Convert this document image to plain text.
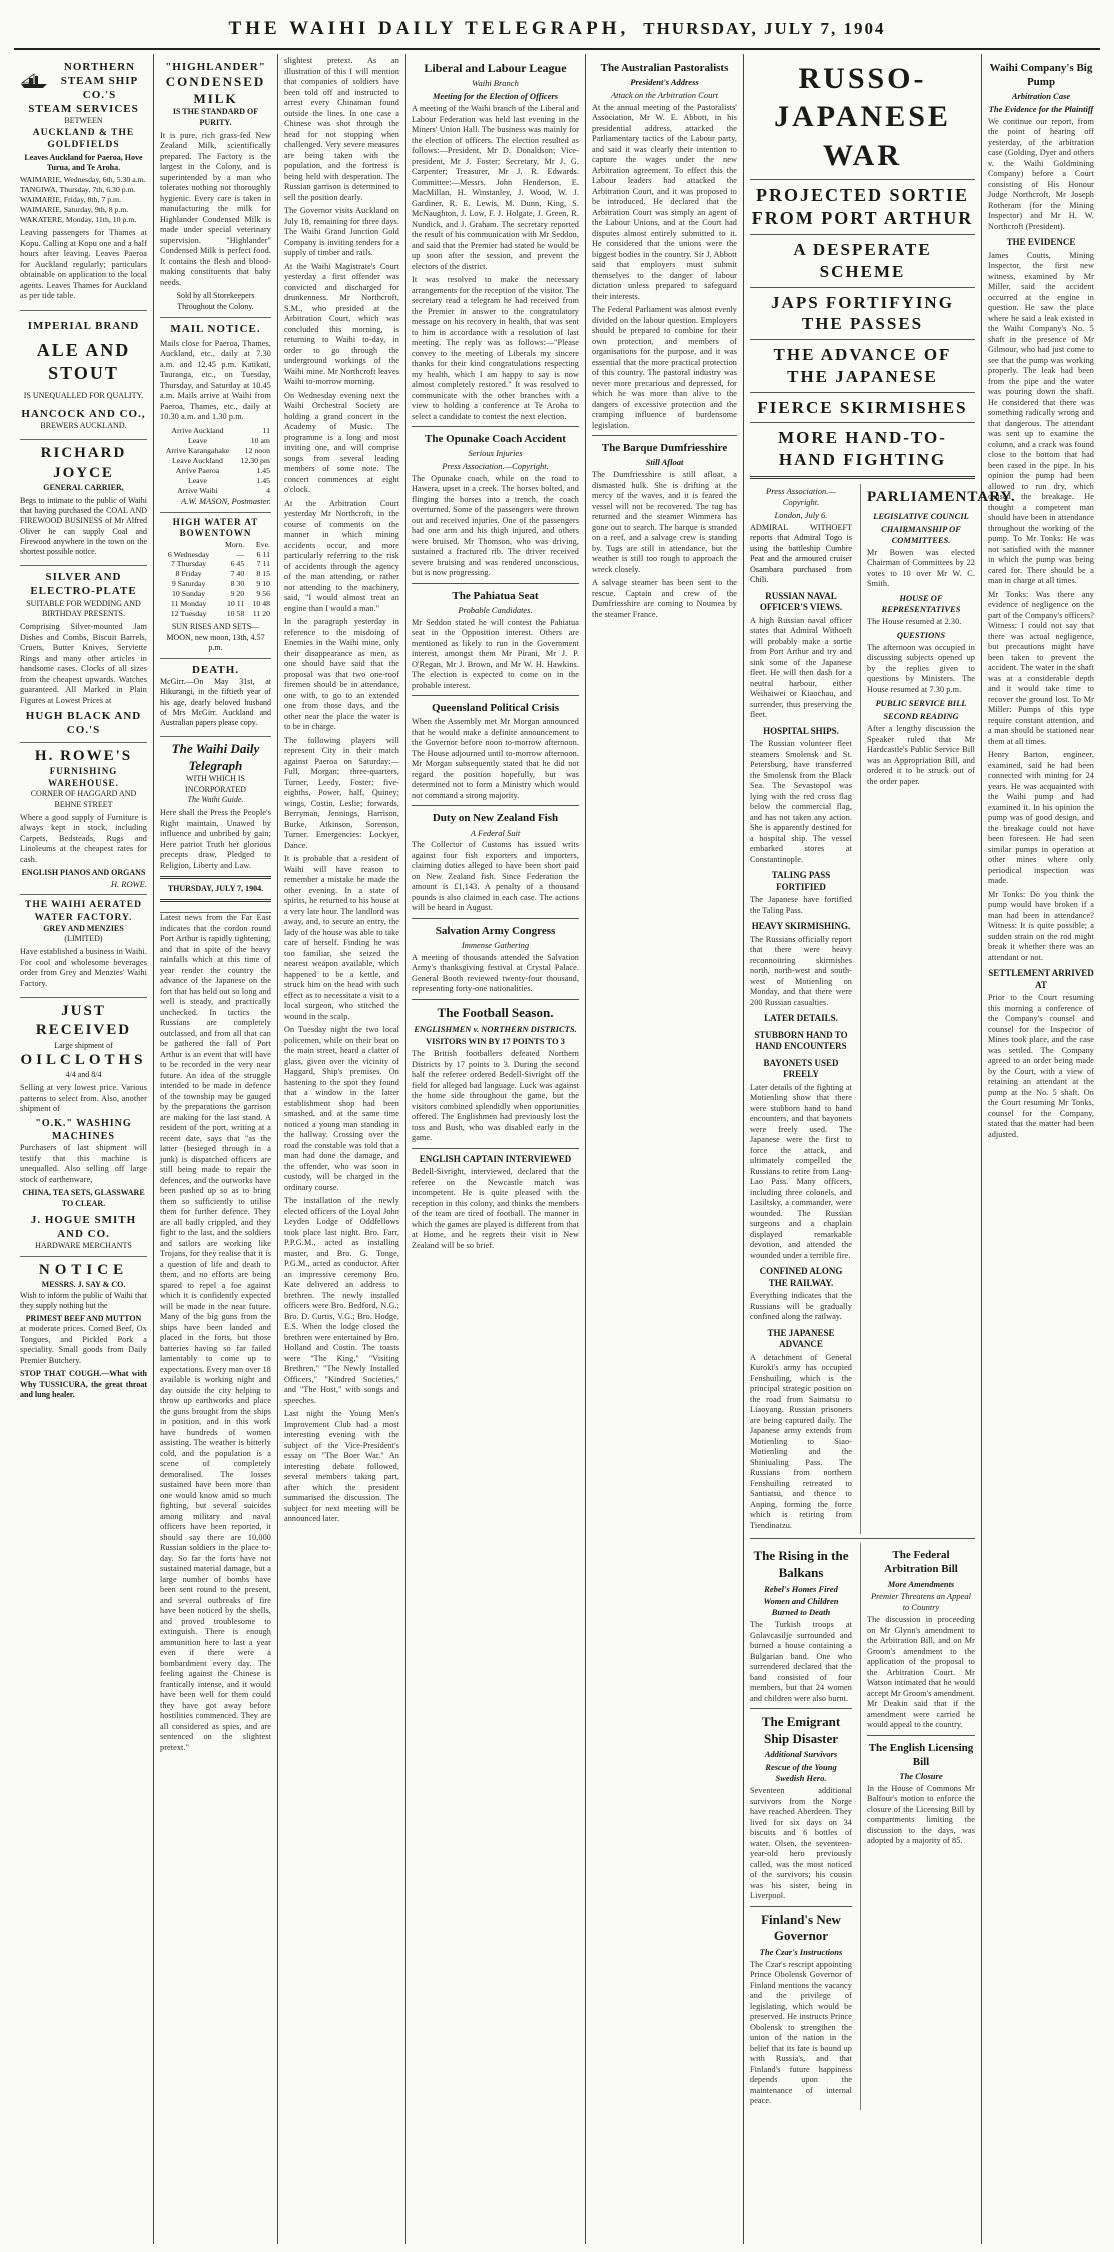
THE WAIHI DAILY TELEGRAPH, THURSDAY, JULY 7, 1904
NORTHERN STEAM SHIP CO.'S
STEAM SERVICES
BETWEEN
AUCKLAND & THE GOLDFIELDS
Leaves Auckland for Paeroa, Hove Turua, and Te Aroha.
WAIMARIE, Wednesday, 6th, 5.30 a.m.
TANGIWA, Thursday, 7th, 6.30 p.m.
WAIMARIE, Friday, 8th, 7 p.m.
WAIMARIE, Saturday, 9th, 8 p.m.
WAKATERE, Monday, 11th, 10 p.m.

Leaving passengers for Thames at Kopu. Calling at Kopu one and a half hours after leaving. Leaves Paeroa for Auckland regularly; particulars obtainable on application to the local agents. Leaves Thames for Auckland as per tide table.

IMPERIAL BRAND
ALE AND STOUT
IS UNEQUALLED FOR QUALITY.
HANCOCK AND CO.,
BREWERS AUCKLAND.
RICHARD JOYCE
GENERAL CARRIER,

Begs to intimate to the public of Waihi that having purchased the COAL AND FIREWOOD BUSINESS of Mr Alfred Oliver he can supply Coal and Firewood anywhere in the town on the shortest possible notice.

SILVER AND ELECTRO-PLATE
SUITABLE FOR WEDDING AND BIRTHDAY PRESENTS.

Comprising Silver-mounted Jam Dishes and Combs, Biscuit Barrels, Cruets, Butter Knives, Serviette Rings and many other articles in handsome cases. Clocks of all sizes from the cheapest upwards. Watches guaranteed. All Marked in Plain Figures at Lowest Prices at

HUGH BLACK AND CO.'S
H. ROWE'S
FURNISHING WAREHOUSE.
CORNER OF HAGGARD AND BEHNE STREET

Where a good supply of Furniture is always kept in stock, including Carpets, Bedsteads, Rugs and Linoleums at the cheapest rates for cash.

ENGLISH PIANOS AND ORGANS
H. ROWE.
THE WAIHI AERATED WATER FACTORY.
GREY AND MENZIES
(LIMITED)

Have established a business in Waihi. For cool and wholesome beverages order from Grey and Menzies' Waihi Factory.

JUST RECEIVED
Large shipment of
OILCLOTHS
4/4 and 8/4

Selling at very lowest price. Various patterns to select from. Also, another shipment of

"O.K." WASHING MACHINES

Purchasers of last shipment will testify that this machine is unequalled. Also selling off large stock of earthenware,

CHINA, TEA SETS, GLASSWARE TO CLEAR.
J. HOGUE SMITH AND CO.
HARDWARE MERCHANTS
NOTICE
MESSRS. J. SAY & CO.

Wish to inform the public of Waihi that they supply nothing but the

PRIMEST BEEF AND MUTTON

at moderate prices. Corned Beef, Ox Tongues, and Pickled Pork a speciality. Small goods from Daily Premier Butchery.

STOP THAT COUGH.—What with Why TUSSICURA, the great throat and lung healer.

"HIGHLANDER"
CONDENSED MILK
IS THE STANDARD OF PURITY.

It is pure, rich grass-fed New Zealand Milk, scientifically prepared. The Factory is the largest in the Colony, and is superintended by a man who tolerates nothing not thoroughly hygienic. Every care is taken in manufacturing the milk for Highlander Condensed Milk is made under special veterinary supervision. "Highlander" Condensed Milk is perfect food. It contains the flesh and blood-making constituents that baby needs.

Sold by all Storekeepers Throughout the Colony.
MAIL NOTICE.

Mails close for Paeroa, Thames, Auckland, etc., daily at 7.30 a.m. and 12.45 p.m. Katikati, Tauranga, etc., on Tuesday, Thursday, and Saturday at 10.45 a.m. Mails arrive at Waihi from Paeroa, Thames, etc., daily at 10.30 a.m. and 1.30 p.m.

Arrive Auckland	11
Leave	10 am
Arrive Karangahake	12 noon
Leave Auckland	12.30 pm
Arrive Paeroa	1.45
Leave	1.45
Arrive Waihi	4
A.W. MASON, Postmaster.
HIGH WATER AT BOWENTOWN
	Morn.	Eve.
6 Wednesday	—	6 11
7 Thursday	6 45	7 11
8 Friday	7 40	8 15
9 Saturday	8 30	9 10
10 Sunday	9 20	9 56
11 Monday	10 11	10 48
12 Tuesday	10 58	11 20
SUN RISES AND SETS—
MOON, new moon, 13th, 4.57 p.m.
DEATH.

McGirr.—On May 31st, at Hikurangi, in the fiftieth year of his age, dearly beloved husband of Mrs McGirr. Auckland and Australian papers please copy.

The Waihi Daily Telegraph
WITH WHICH IS INCORPORATED
The Waihi Guide.

Here shall the Press the People's Right maintain, Unawed by influence and unbribed by gain; Here patriot Truth her glorious precepts draw, Pledged to Religion, Liberty and Law.

THURSDAY, JULY 7, 1904.

Latest news from the Far East indicates that the cordon round Port Arthur is rapidly tightening, and that in spite of the heavy rainfalls which at this time of year render the country the advance of the Japanese on the fort that has held out so long and well is steady, and practically unchecked. In tactics the Russians are completely outclassed, and from all that can be gathered the fall of Port Arthur is an event that will have to be recorded in the very near future. An idea of the struggle intended to be made in defence of the township may be gauged by the preparations the garrison are making for the last stand. A resident of the port, writing at a recent date, says that "as the latter (besieged through in a junk) is dispatched officers are still being made to repair the defences, and the outworks have been pushed up so as to bring them so sufficiently to utilise them for further defence. They are all badly crippled, and they fight to the last, and the soldiers and sailors are working like Trojans, for they realise that it is a question of life and death to them, and no efforts are being spared to repel a foe against which it is confidently expected will be made in the near future. Many of the big guns from the ships have been landed and placed in the forts, but those batteries having so far failed lamentably to come up to expectations. Every man over 18 available is working night and day outside the city helping to throw up earthworks and place the guns brought from the ships in position, and in this work have hundreds of women assisting. The weather is bitterly cold, and the population is a scene of completely demoralised. The losses sustained have been more than one would know amid so much fighting, but several suicides among military and naval officers have been reported, it should say there are 10,000 Russian soldiers in the place to-day. So far the forts have not sustained material damage, but a large number of bombs have been sent round to the present, and several outbreaks of fire have been noticed by the shells, and proved troublesome to extinguish. There is enough ammunition here to last a year even if there were a bombardment every day. The feeling against the Chinese is frantically intense, and it would have been well for them could they have got away before hostilities commenced. They are all considered as spies, and are sentenced on the slightest pretext."

slightest pretext. As an illustration of this I will mention that companies of soldiers have been told off and instructed to arrest every Chinaman found outside the lines. In one case a Chinese was shot through the head for not stopping when challenged. Very severe measures are being taken with the population, and the fortress is being held with desperation. The Russian garrison is determined to sell the position dearly.

The Governor visits Auckland on July 18, remaining for three days. The Waihi Grand Junction Gold Company is inviting tenders for a supply of timber and rails.

At the Waihi Magistrate's Court yesterday a first offender was convicted and discharged for drunkenness. Mr Northcroft, S.M., who presided at the Arbitration Court, which was concluded this morning, is returning to Waihi to-day, in order to go through the underground workings of the Waihi mine. Mr Northcroft leaves Waihi to-morrow morning.

On Wednesday evening next the Waihi Orchestral Society are holding a grand concert in the Academy of Music. The programme is a long and most inviting one, and will comprise songs from several leading members of some note. The concert commences at eight o'clock.

At the Arbitration Court yesterday Mr Northcroft, in the course of comments on the manner in which mining accidents occur, and more particularly referring to the risk of accidents through the agency of the man attending, or rather not attending to the machinery, said, "I would almost treat an engine than I would a man."

In the paragraph yesterday in reference to the misdoing of Enemies in the Waihi mine, only their disappearance as men, as one should have said that the proposal was that two one-roof firemen should be in attendance, one with, to go to an extended one from those days, and the other near the place the water is to be in charge.

The following players will represent City in their match against Paeroa on Saturday:—Full, Morgan; three-quarters, Turner, Leedy, Foster; five-eighths, Power, half, Quiney; wings, Costin, Leslie; forwards, Berryman, Jennings, Harrison, Burke, Atkinson, Sorenson, Turner. Emergencies: Lockyer, Dance.

It is probable that a resident of Waihi will have reason to remember a mistake he made the other evening. In a state of spirits, he returned to his house at a very late hour. The landlord was away, and, to secure an entry, the lady of the house was able to take care of herself. Finding he was too familiar, she seized the nearest weapon available, which happened to be a kettle, and struck him on the head with such effect as to necessitate a visit to a local surgeon, who stitched the wound in the scalp.

On Tuesday night the two local policemen, while on their beat on the main street, heard a clatter of glass, given over the vicinity of Haggard, Ship's premises. On hastening to the spot they found that a window in the latter establishment shop had been smashed, and at the same time noticed a young man standing in the hallway. Crossing over the road the constable was told that a man had done the damage, and the offender, who was soon in custody, will be charged in the ordinary course.

The installation of the newly elected officers of the Loyal John Leyden Lodge of Oddfellows took place last night. Bro. Farr, P.P.G.M., acted as installing master, and Bro. G. Tonge, P.G.M., acted as conductor. After an impressive ceremony Bro. Kate delivered an address to brethren. The newly installed officers were Bro. Bedford, N.G.; Bro. D. Curtis, V.G.; Bro. Hodge, E.S. When the lodge closed the brethren were entertained by Bro. Holland and Costin. The toasts were "The King," "Visiting Brethren," "The Newly Installed Officers," "Kindred Societies," and "The Host," with songs and speeches.

Last night the Young Men's Improvement Club had a most interesting evening with the subject of the Vice-President's essay on "The Boer War." An interesting debate followed, several members taking part, after which the president summarised the discussion. The subject for next meeting will be announced later.

Liberal and Labour League
Waihi Branch
Meeting for the Election of Officers

A meeting of the Waihi branch of the Liberal and Labour Federation was held last evening in the Miners' Union Hall. The business was mainly for the election of officers. The election resulted as follows:—President, Mr D. Donaldson; Vice-president, Mr J. Foster; Secretary, Mr J. G. Carpenter; Treasurer, Mr J. R. Edwards. Committee:—Messrs. John Henderson, E. MacMillan, H. Winstanley, J. Wood, W. J. Gardiner, R. E. Lewis, M. Dunn, King, S. McNaughton, J. Low, F. J. Holgate, J. Green, R. Nundick, and J. Graham. The secretary reported the result of his communication with Mr Seddon, and said that the Premier had stated he would be up soon after the session, and prevent the electors of the district.

It was resolved to make the necessary arrangements for the reception of the visitor. The secretary read a telegram he had received from the Premier in answer to the congratulatory message on his recovery in health, that was sent to him in accordance with a resolution of last meeting. The reply was as follows:—"Please convey to the meeting of Liberals my sincere thanks for their kind congratulations respecting my health, which I am happy to say is now almost completely restored." It was resolved to communicate with the other branches with a view to holding a conference at Te Aroha to select a candidate to contest the next election.

The Opunake Coach Accident
Serious Injuries
Press Association.—Copyright.

The Opunake coach, while on the road to Hawera, upset in a creek. The horses bolted, and flinging the horses into a trench, the coach overturned. Some of the passengers were thrown out and received injuries. One of the passengers had one arm and his thigh injured, and others were bruised. Mr Thomson, who was driving, sustained a fractured rib. The driver received severe bruising and was rendered unconscious, but is now progressing.

The Pahiatua Seat
Probable Candidates.

Mr Seddon stated he will contest the Pahiatua seat in the Opposition interest. Others are mentioned as likely to run in the Government interest, amongst them Mr Pirani, Mr J. P. O'Regan, Mr J. Brown, and Mr W. H. Hawkins. The election is expected to come on in the probable interest.

Queensland Political Crisis

When the Assembly met Mr Morgan announced that he would make a definite announcement to the Governor before noon to-morrow afternoon. The House adjourned until to-morrow afternoon. Mr Morgan subsequently stated that he did not regard the position hopefully, but was determined not to form a Ministry which would not command a strong majority.

Duty on New Zealand Fish
A Federal Suit

The Collector of Customs has issued writs against four fish exporters and importers, claiming duties alleged to have been short paid on New Zealand fish. Since Federation the amount is £1,143. A penalty of a thousand pounds is also claimed in each case. The actions will be heard in August.

Salvation Army Congress
Immense Gathering

A meeting of thousands attended the Salvation Army's thanksgiving festival at Crystal Palace. General Booth reviewed twenty-four thousand, representing forty-one nationalities.

The Football Season.
ENGLISHMEN v. NORTHERN DISTRICTS.
VISITORS WIN BY 17 POINTS TO 3

The British footballers defeated Northern Districts by 17 points to 3. During the second half the referee ordered Bedell-Sivright off the field for alleged bad language. Luck was against the home side throughout the game, but the visitors combined splendidly when opportunities offered. The Englishmen had previously lost the toss and Bush, who was disabled early in the game.

ENGLISH CAPTAIN INTERVIEWED

Bedell-Sivright, interviewed, declared that the referee on the Newcastle match was incompetent. He is quite pleased with the reception in this colony, and thinks the members of the team are tired of football. The manner in which the games are played is different from that at Home, and he regrets their visit in New Zealand will be so brief.

The Australian Pastoralists
President's Address
Attack on the Arbitration Court

At the annual meeting of the Pastoralists' Association, Mr W. E. Abbott, in his presidential address, attacked the Parliamentary tactics of the Labour party, and said it was clearly their intention to capture the wages under the new Arbitration agreement. To effect this the Labour leaders had attacked the Arbitration Court, and it was proposed to be introduced. He declared that the Arbitration Court was simply an agent of the Labour Unions, and at the Court had disputes almost entirely submitted to it. He considered that the unions were the biggest bodies in the country. Sir J. Abbott said that employers must submit themselves to the danger of labour dictation unless prepared to safeguard their interests.

The Federal Parliament was almost evenly divided on the labour question. Employers should be prepared to combine for their own protection, and members of organisations for the purpose, and it was essential that the more practical protection of this country. The pastoral industry was never more precarious and depressed, for which he was more than alive to the dangers of excessive protection and the cramping influence of burdensome legislation.

The Barque Dumfriesshire
Still Afloat

The Dumfriesshire is still afloat, a dismasted hulk. She is drifting at the mercy of the waves, and it is feared the vessel will not be recovered. The tug has returned and the steamer Wimmera has gone out to search. The barque is stranded on a reef, and a salvage crew is standing by. Tugs are still in attendance, but the weather is still too rough to approach the wreck closely.

A salvage steamer has been sent to the rescue. Captain and crew of the Dumfriesshire are coming to Noumea by the steamer France.

RUSSO-JAPANESE WAR
PROJECTED SORTIE FROM PORT ARTHUR
A DESPERATE SCHEME
JAPS FORTIFYING THE PASSES
THE ADVANCE OF THE JAPANESE
FIERCE SKIRMISHES
MORE HAND-TO-HAND FIGHTING
Press Association.—Copyright.
London, July 6.

ADMIRAL WITHOEFT reports that Admiral Togo is using the battleship Cumbre Peat and the armoured cruiser Osambara purchased from Chili.

RUSSIAN NAVAL OFFICER'S VIEWS.

A high Russian naval officer states that Admiral Withoeft will probably make a sortie from Port Arthur and try and sink some of the Japanese fleet. He will then dash for a neutral harbour, either Weihaiwei or Kiaochau, and surrender, thus preserving the fleet.

HOSPITAL SHIPS.

The Russian volunteer fleet steamers Smolensk and St. Petersburg, have transferred the Smolensk from the Black Sea. The Sevastopol was lying with the red cross flag below the commercial flag, and has not taken any action. She is apparently destined for a hospital ship. The vessel embarked stores at Constantinople.

TALING PASS FORTIFIED

The Japanese have fortified the Taling Pass.

HEAVY SKIRMISHING.

The Russians officially report that there were heavy reconnoitring skirmishes north, north-west and south-west of Motienling on Monday, and that there were 200 Russian casualties.

LATER DETAILS.
STUBBORN HAND TO HAND ENCOUNTERS
BAYONETS USED FREELY

Later details of the fighting at Motienling show that there were stubborn hand to hand encounters, and that bayonets were freely used. The Japanese were the first to force the attack, and ultimately compelled the Russians to retire from Lang-Lao Pass. Many officers, including three colonels, and Lasiltsky, a commander, were wounded. The Russian surgeons and a chaplain displayed remarkable devotion, and attended the wounded under a terrible fire.

CONFINED ALONG THE RAILWAY.

Everything indicates that the Russians will be gradually confined along the railway.

THE JAPANESE ADVANCE

A detachment of General Kuroki's army has occupied Fenshuiling, which is the principal strategic position on the road from Saimatsu to Liaoyang. Russian prisoners are being captured daily. The Japanese army extends from Motienling to Siao-Motienling and the Shiniualing Pass. The Russians from northern Fenshuiling retreated to Santiatsu, and thence to Anping, forming the force which is retiring from Tiendinatzu.

PARLIAMENTARY.
LEGISLATIVE COUNCIL
CHAIRMANSHIP OF COMMITTEES.

Mr Bowen was elected Chairman of Committees by 22 votes to 10 over Mr W. C. Smith.

HOUSE OF REPRESENTATIVES

The House resumed at 2.30.

QUESTIONS

The afternoon was occupied in discussing subjects opened up by the replies given to questions by Ministers. The House resumed at 7.30 p.m.

PUBLIC SERVICE BILL
SECOND READING

After a lengthy discussion the Speaker ruled that Mr Hardcastle's Public Service Bill was an Appropriation Bill, and ordered it to be struck out of the order paper.

The Rising in the Balkans
Rebel's Homes Fired
Women and Children Burned to Death

The Turkish troops at Gnlavcasilje surrounded and burned a house containing a Bulgarian band. One who surrendered declared that the band consisted of four members, but that 24 women and children were also burnt.

The Emigrant Ship Disaster
Additional Survivors
Rescue of the Young Swedish Hero.

Seventeen additional survivors from the Norge have reached Aberdeen. They lived for six days on 34 biscuits and 6 bottles of water. Olsen, the seventeen-year-old hero previously called, was the most noticed of the survivors; his cousin was his sister, being in Liverpool.

Finland's New Governor
The Czar's Instructions

The Czar's rescript appointing Prince Obolensk Governor of Finland mentions the vacancy and the privilege of legislating, which would be preserved. He instructs Prince Obolensk to strengthen the union of the nation in the belief that its fate is bound up with Russia's, and that Finland's future happiness depends upon the maintenance of internal peace.

The Federal Arbitration Bill
More Amendments
Premier Threatens an Appeal to Country

The discussion in proceeding on Mr Glynn's amendment to the Arbitration Bill, and on Mr Groom's amendment to the application of the proposal to the Arbitration Court. Mr Watson intimated that he would accept Mr Groom's amendment. Mr Deakin said that if the amendment were carried he would appeal to the country.

The English Licensing Bill
The Closure

In the House of Commons Mr Balfour's motion to enforce the closure of the Licensing Bill by compartments limiting the discussion to the days, was adopted by a majority of 85.

Waihi Company's Big Pump
Arbitration Case
The Evidence for the Plaintiff

We continue our report, from the point of hearing off yesterday, of the arbitration case (Golding, Dyer and others v. the Waihi Goldmining Company) before a Court consisting of His Honour Judge Northcroft, Mr Joseph Rotheram (for the Mining Inspector) and Mr H. W. Northcroft (President).

THE EVIDENCE

James Coutts, Mining Inspector, the first new witness, examined by Mr Miller, said the accident occurred at the engine in question. He saw the place where he said a leak existed in the Waihi Company's No. 5 shaft in the presence of Mr Gilmour, who had just come to see that the pump was working properly. The leak had been from the pipe and the water was pouring down the shaft. He considered that there was something radically wrong and that dangerous. The attendant was sent up to examine the column, and a crack was found close to the bottom that had been cased in the pipe. In his opinion the pump had been allowed to run dry, which caused the breakage. He thought a competent man should have been in attendance throughout the working of the pump. To Mr Tonks: He was not satisfied with the manner in which the pump was being cared for. There should be a man in charge at all times.

Mr Tonks: Was there any evidence of negligence on the part of the Company's officers? Witness: I could not say that there was actual negligence, but precautions might have been taken to prevent the accident. The water in the shaft was at a considerable depth and it would take time to recover the ground lost. To Mr Miller: Pumps of this type require constant attention, and a man should be stationed near them at all times.

Henry Barton, engineer, examined, said he had been connected with mining for 24 years. He was acquainted with the Waihi pump and had examined it. In his opinion the pump was of good design, and the breakage could not have been foreseen. He had seen similar pumps in operation at other mines where only periodical inspection was made.

Mr Tonks: Do you think the pump would have broken if a man had been in attendance? Witness: It is quite possible; a sudden strain on the rod might break it whether there was an attendant or not.

SETTLEMENT ARRIVED AT

Prior to the Court resuming this morning a conference of the Company's counsel and counsel for the Inspector of Mines took place, and the case was settled. The Company agreed to an order being made by the Court, with a view of retaining an attendant at the pump at the No. 5 shaft. On the Court resuming Mr Tonks, counsel for the Company, stated that the matter had been adjusted.
